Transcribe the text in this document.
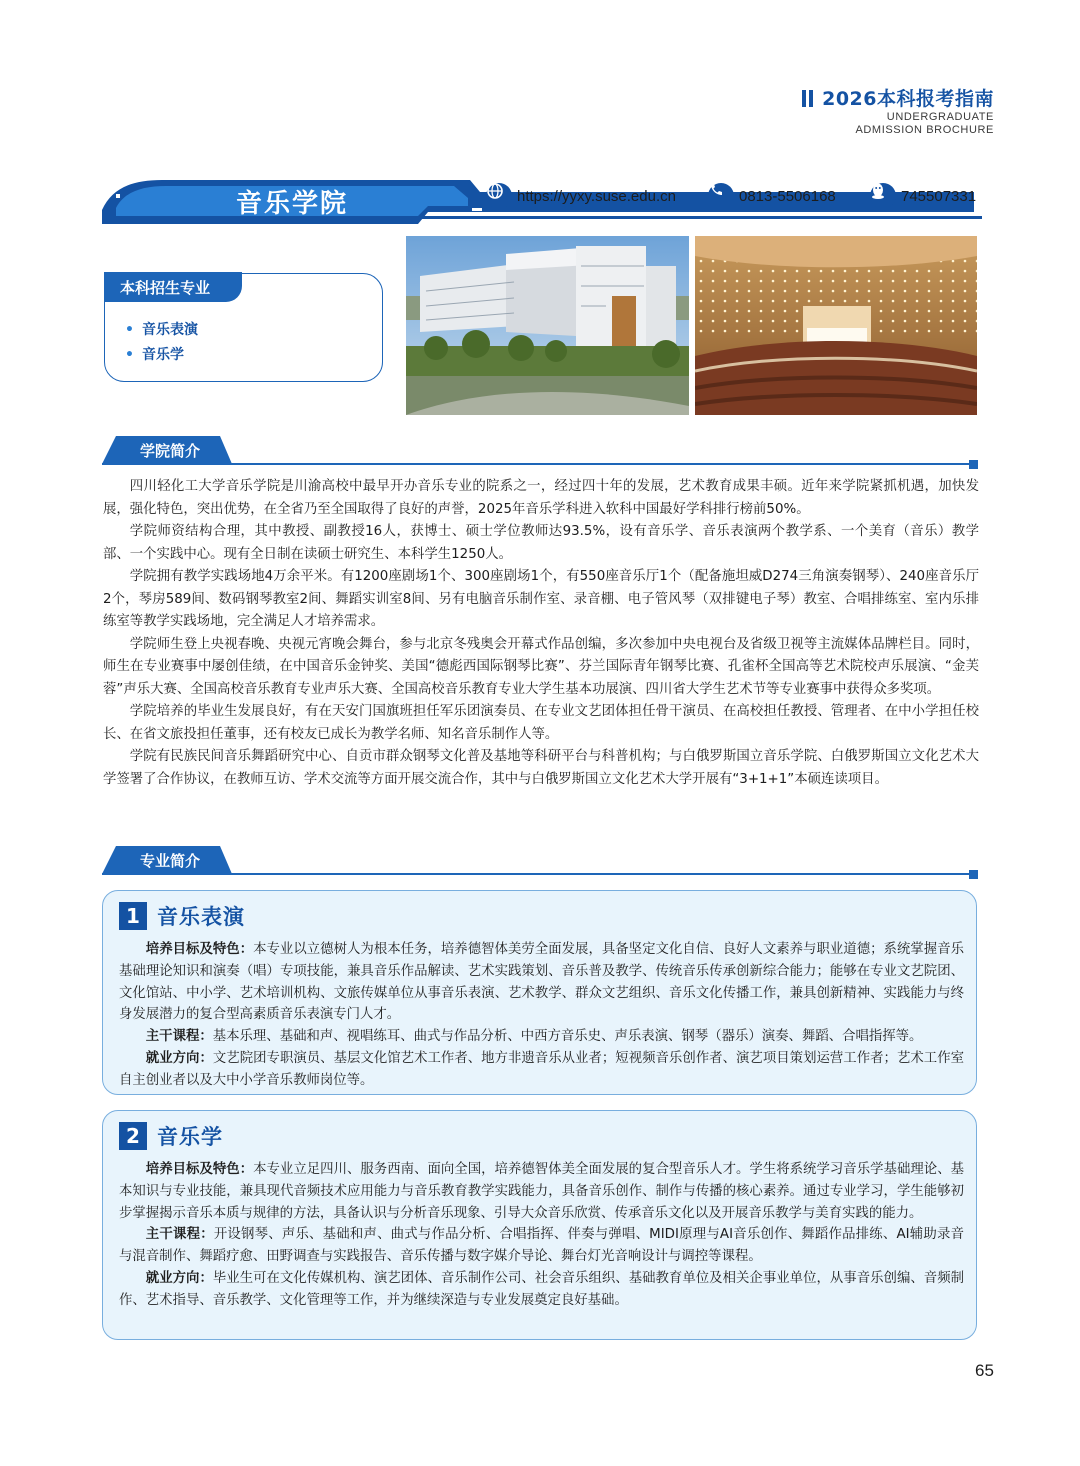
2026本科报考指南
UNDERGRADUATE
ADMISSION BROCHURE
音乐学院	https://yyxy.suse.edu.cn	0813-5506168	745507331
• 音乐表演
• 音乐学
本科招生专业
学院简介

四川轻化工大学音乐学院是川渝高校中最早开办音乐专业的院系之一，经过四十年的发展，艺术教育成果丰硕。近年来学院紧抓机遇，加快发展，强化特色，突出优势，在全省乃至全国取得了良好的声誉，2025年音乐学科进入软科中国最好学科排行榜前50%。

学院师资结构合理，其中教授、副教授16人，获博士、硕士学位教师达93.5%，设有音乐学、音乐表演两个教学系、一个美育（音乐）教学部、一个实践中心。现有全日制在读硕士研究生、本科学生1250人。

学院拥有教学实践场地4万余平米。有1200座剧场1个、300座剧场1个，有550座音乐厅1个（配备施坦威D274三角演奏钢琴）、240座音乐厅2个，琴房589间、数码钢琴教室2间、舞蹈实训室8间、另有电脑音乐制作室、录音棚、电子管风琴（双排键电子琴）教室、合唱排练室、室内乐排练室等教学实践场地，完全满足人才培养需求。

学院师生登上央视春晚、央视元宵晚会舞台，参与北京冬残奥会开幕式作品创编，多次参加中央电视台及省级卫视等主流媒体品牌栏目。同时，师生在专业赛事中屡创佳绩，在中国音乐金钟奖、美国“德彪西国际钢琴比赛”、芬兰国际青年钢琴比赛、孔雀杯全国高等艺术院校声乐展演、“金芙蓉”声乐大赛、全国高校音乐教育专业声乐大赛、全国高校音乐教育专业大学生基本功展演、四川省大学生艺术节等专业赛事中获得众多奖项。

学院培养的毕业生发展良好，有在天安门国旗班担任军乐团演奏员、在专业文艺团体担任骨干演员、在高校担任教授、管理者、在中小学担任校长、在省文旅投担任董事，还有校友已成长为教学名师、知名音乐制作人等。

学院有民族民间音乐舞蹈研究中心、自贡市群众钢琴文化普及基地等科研平台与科普机构；与白俄罗斯国立音乐学院、白俄罗斯国立文化艺术大学签署了合作协议，在教师互访、学术交流等方面开展交流合作，其中与白俄罗斯国立文化艺术大学开展有“3+1+1”本硕连读项目。

专业简介
1 音乐表演

培养目标及特色：本专业以立德树人为根本任务，培养德智体美劳全面发展，具备坚定文化自信、良好人文素养与职业道德；系统掌握音乐基础理论知识和演奏（唱）专项技能，兼具音乐作品解读、艺术实践策划、音乐普及教学、传统音乐传承创新综合能力；能够在专业文艺院团、文化馆站、中小学、艺术培训机构、文旅传媒单位从事音乐表演、艺术教学、群众文艺组织、音乐文化传播工作，兼具创新精神、实践能力与终身发展潜力的复合型高素质音乐表演专门人才。

主干课程：基本乐理、基础和声、视唱练耳、曲式与作品分析、中西方音乐史、声乐表演、钢琴（器乐）演奏、舞蹈、合唱指挥等。

就业方向：文艺院团专职演员、基层文化馆艺术工作者、地方非遗音乐从业者；短视频音乐创作者、演艺项目策划运营工作者；艺术工作室自主创业者以及大中小学音乐教师岗位等。

2 音乐学

培养目标及特色：本专业立足四川、服务西南、面向全国，培养德智体美全面发展的复合型音乐人才。学生将系统学习音乐学基础理论、基本知识与专业技能，兼具现代音频技术应用能力与音乐教育教学实践能力，具备音乐创作、制作与传播的核心素养。通过专业学习，学生能够初步掌握揭示音乐本质与规律的方法，具备认识与分析音乐现象、引导大众音乐欣赏、传承音乐文化以及开展音乐教学与美育实践的能力。

主干课程：开设钢琴、声乐、基础和声、曲式与作品分析、合唱指挥、伴奏与弹唱、MIDI原理与AI音乐创作、舞蹈作品排练、AI辅助录音与混音制作、舞蹈疗愈、田野调查与实践报告、音乐传播与数字媒介导论、舞台灯光音响设计与调控等课程。

就业方向：毕业生可在文化传媒机构、演艺团体、音乐制作公司、社会音乐组织、基础教育单位及相关企事业单位，从事音乐创编、音频制作、艺术指导、音乐教学、文化管理等工作，并为继续深造与专业发展奠定良好基础。

65
